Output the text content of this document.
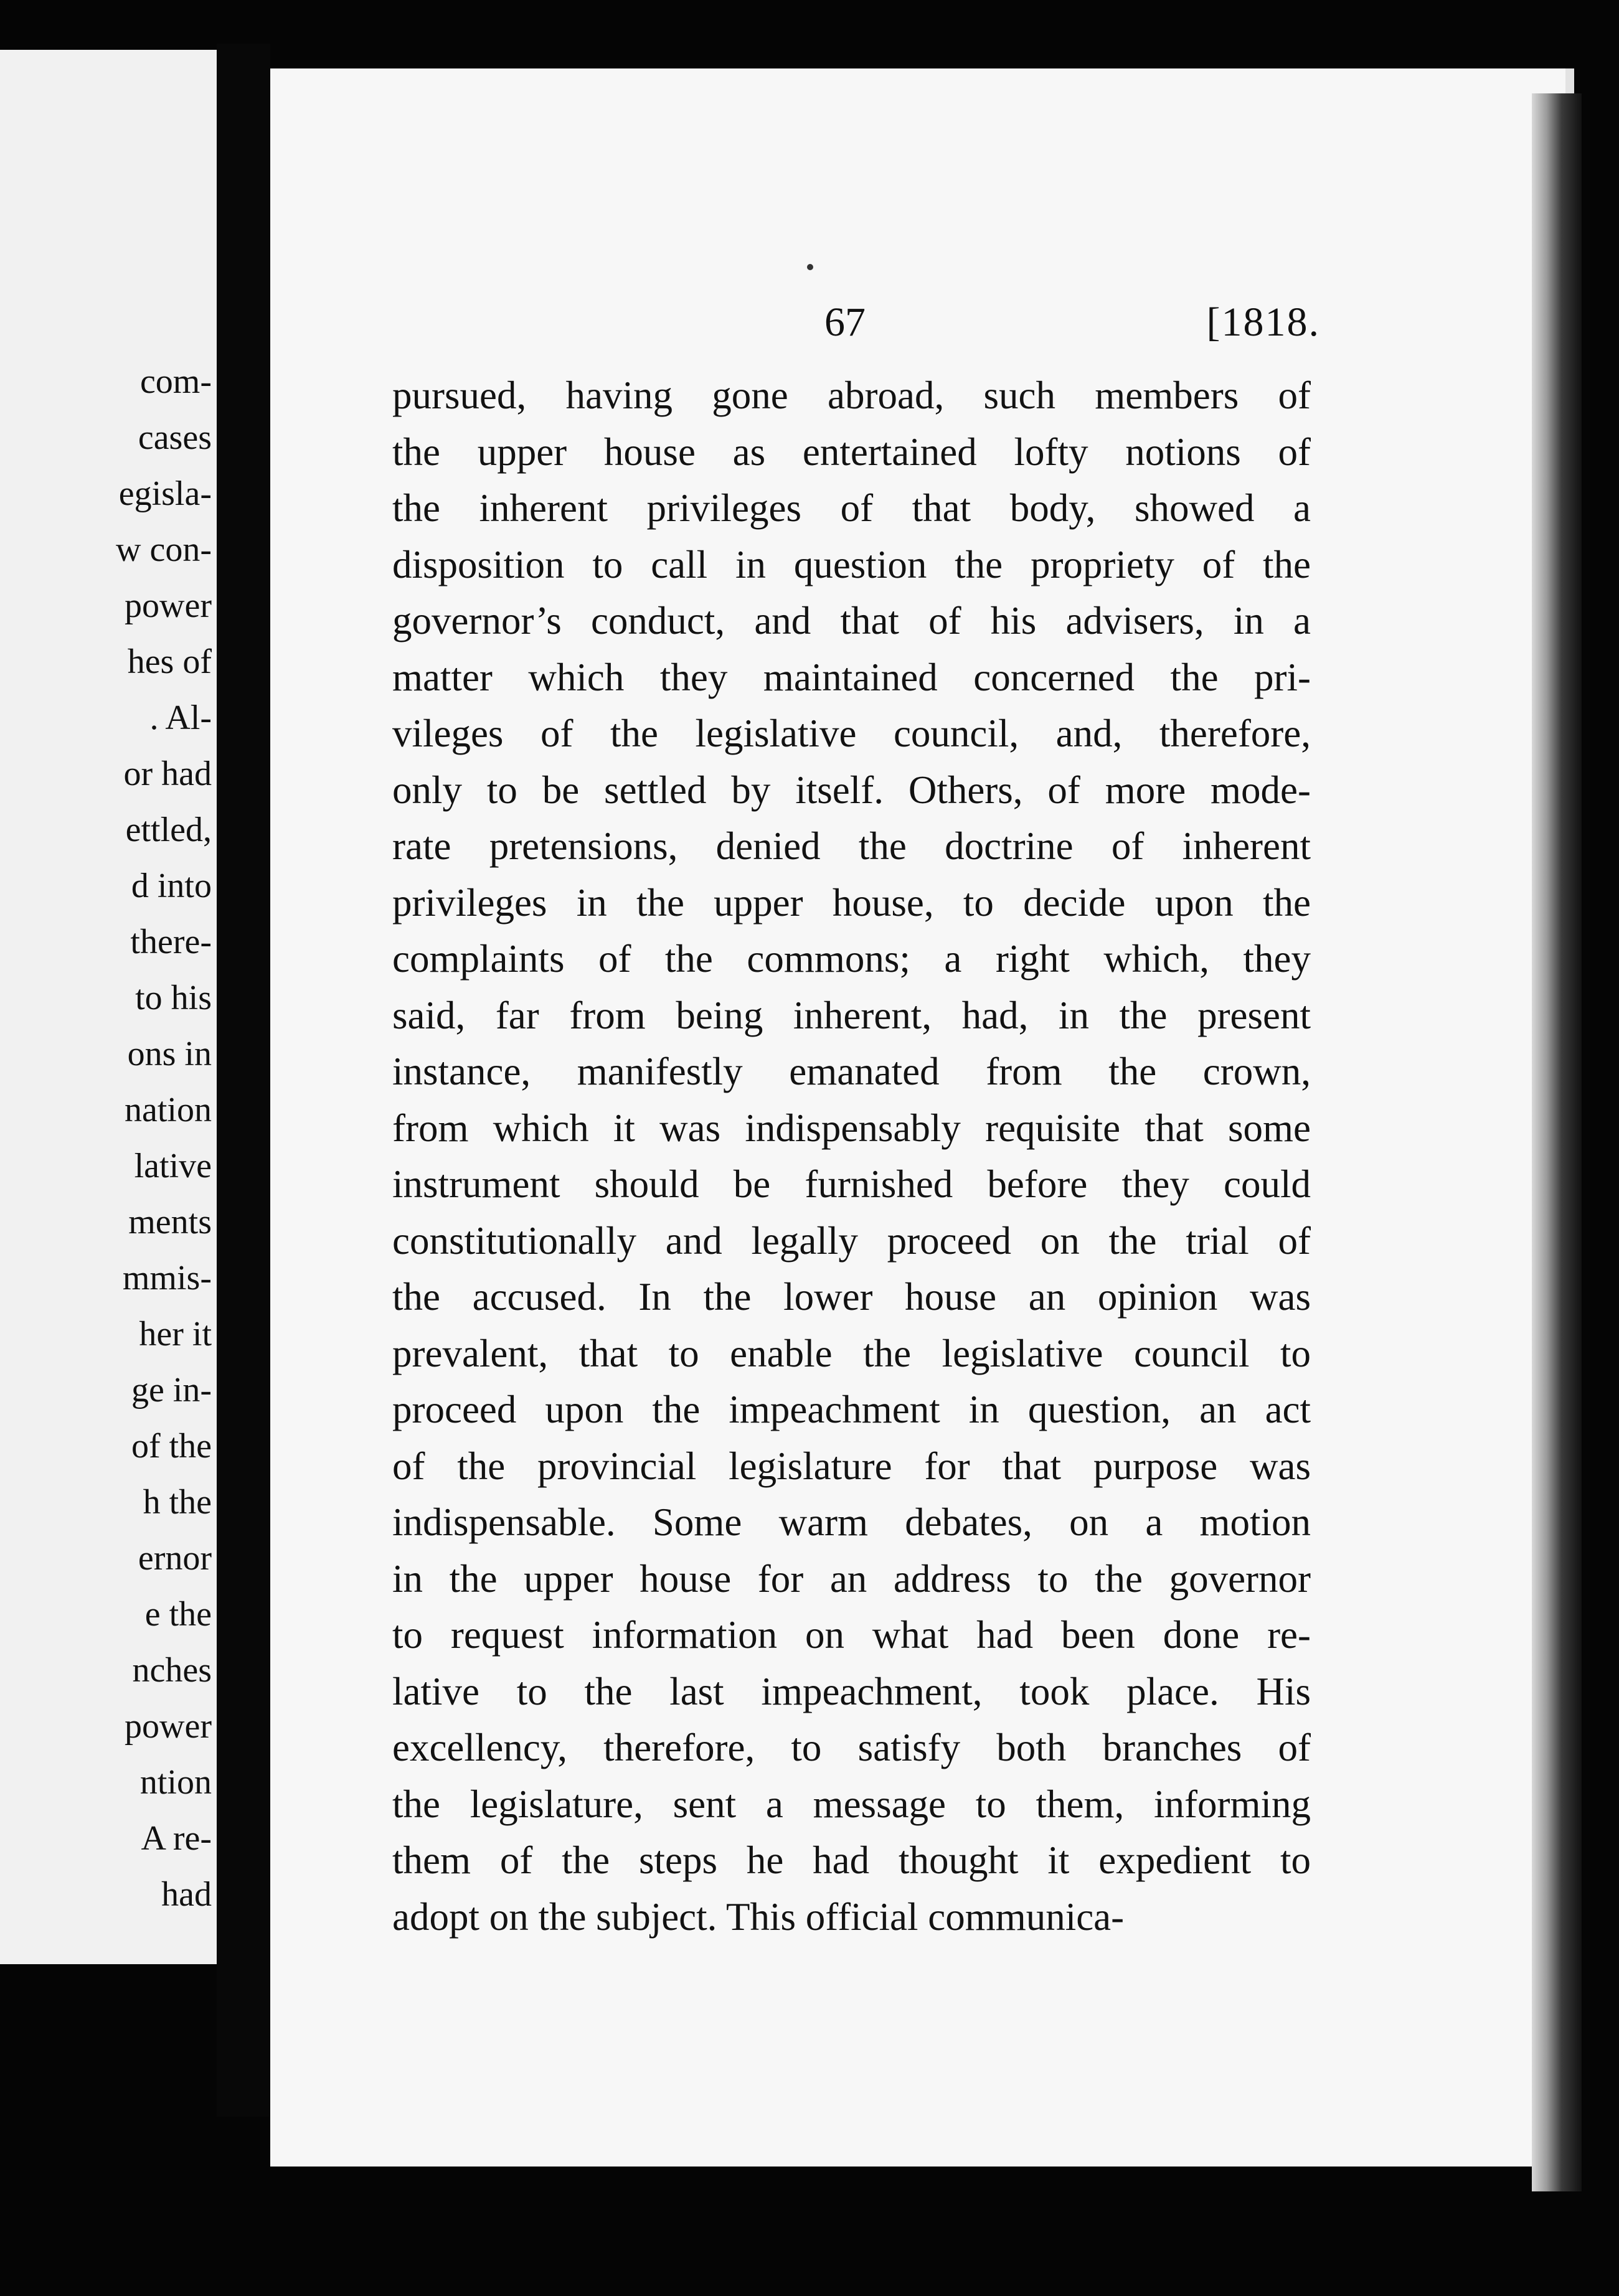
com-
cases
egisla-
w con-
power
hes of
. Al-
or had
ettled,
d into
there-
to his
ons in
nation
lative
ments
mmis-
her it
ge in-
of the
h the
ernor
e the
nches
power
ntion
A re-
had
67	[1818.
pursued, having gone abroad, such members of
the upper house as entertained lofty notions of
the inherent privileges of that body, showed a
disposition to call in question the propriety of the
governor’s conduct, and that of his advisers, in a
matter which they maintained concerned the pri-
vileges of the legislative council, and, therefore,
only to be settled by itself. Others, of more mode-
rate pretensions, denied the doctrine of inherent
privileges in the upper house, to decide upon the
complaints of the commons; a right which, they
said, far from being inherent, had, in the present
instance, manifestly emanated from the crown,
from which it was indispensably requisite that some
instrument should be furnished before they could
constitutionally and legally proceed on the trial of
the accused. In the lower house an opinion was
prevalent, that to enable the legislative council to
proceed upon the impeachment in question, an act
of the provincial legislature for that purpose was
indispensable. Some warm debates, on a motion
in the upper house for an address to the governor
to request information on what had been done re-
lative to the last impeachment, took place. His
excellency, therefore, to satisfy both branches of
the legislature, sent a message to them, informing
them of the steps he had thought it expedient to
adopt on the subject. This official communica-
